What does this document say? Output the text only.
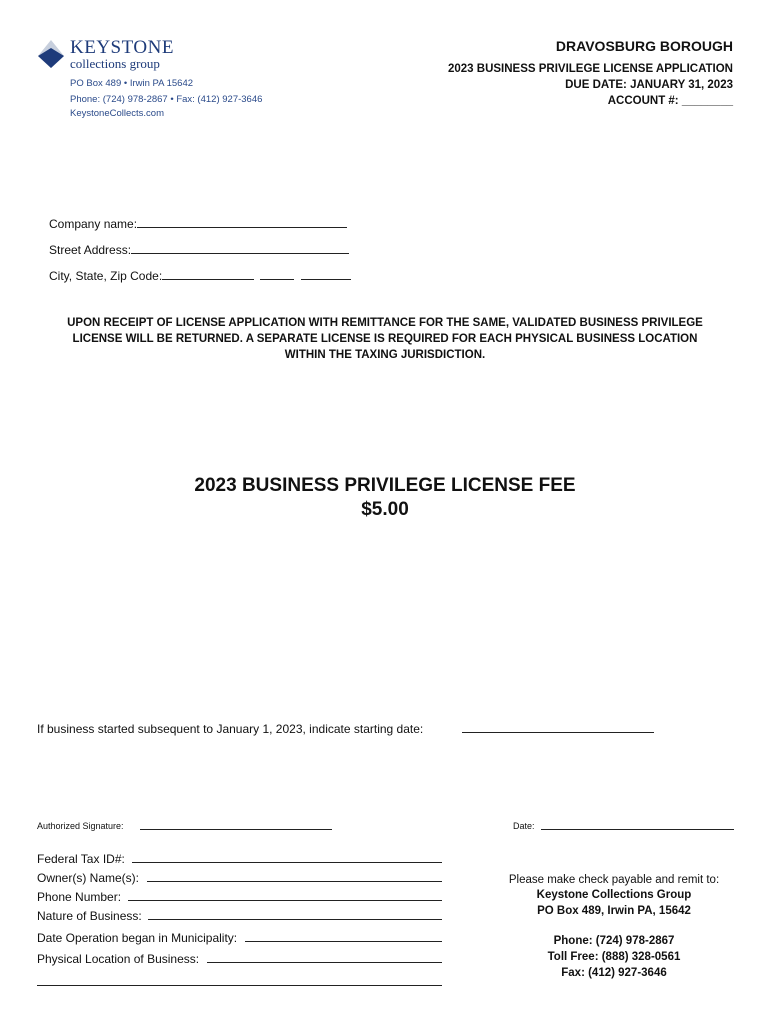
KEYSTONE
collections group
PO Box 489 • Irwin PA 15642
Phone: (724) 978-2867 • Fax: (412) 927-3646
KeystoneCollects.com
DRAVOSBURG BOROUGH
2023 BUSINESS PRIVILEGE LICENSE APPLICATION
DUE DATE: JANUARY 31, 2023
ACCOUNT #: ________
Company name:
Street Address:
City, State, Zip Code:
UPON RECEIPT OF LICENSE APPLICATION WITH REMITTANCE FOR THE SAME, VALIDATED BUSINESS PRIVILEGE
LICENSE WILL BE RETURNED. A SEPARATE LICENSE IS REQUIRED FOR EACH PHYSICAL BUSINESS LOCATION
WITHIN THE TAXING JURISDICTION.
2023 BUSINESS PRIVILEGE LICENSE FEE
$5.00
If business started subsequent to January 1, 2023, indicate starting date:
Authorized Signature:	Date:
Federal Tax ID#:
Owner(s) Name(s):
Phone Number:
Nature of Business:
Date Operation began in Municipality:
Physical Location of Business:
Please make check payable and remit to:
Keystone Collections Group
PO Box 489, Irwin PA, 15642
Phone: (724) 978-2867
Toll Free: (888) 328-0561
Fax: (412) 927-3646
